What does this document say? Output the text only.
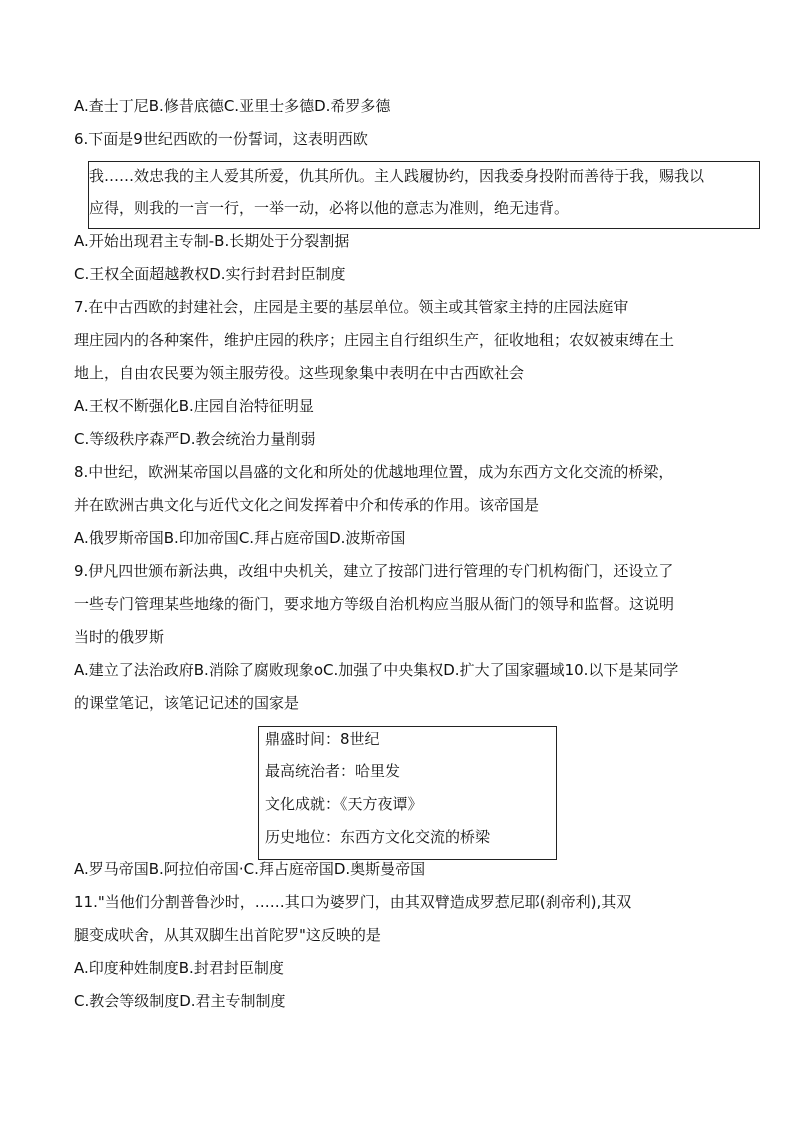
A.查士丁尼B.修昔底德C.亚里士多德D.希罗多德
6.下面是9世纪西欧的一份誓词，这表明西欧
我……效忠我的主人爱其所爱，仇其所仇。主人践履协约，因我委身投附而善待于我，赐我以
应得，则我的一言一行，一举一动，必将以他的意志为准则，绝无违背。
A.开始出现君主专制-B.长期处于分裂割据
C.王权全面超越教权D.实行封君封臣制度
7.在中古西欧的封建社会，庄园是主要的基层单位。领主或其管家主持的庄园法庭审
理庄园内的各种案件，维护庄园的秩序；庄园主自行组织生产，征收地租；农奴被束缚在土
地上，自由农民要为领主服劳役。这些现象集中表明在中古西欧社会
A.王权不断强化B.庄园自治特征明显
C.等级秩序森严D.教会统治力量削弱
8.中世纪，欧洲某帝国以昌盛的文化和所处的优越地理位置，成为东西方文化交流的桥梁，
并在欧洲古典文化与近代文化之间发挥着中介和传承的作用。该帝国是
A.俄罗斯帝国B.印加帝国C.拜占庭帝国D.波斯帝国
9.伊凡四世颁布新法典，改组中央机关，建立了按部门进行管理的专门机构衙门，还设立了
一些专门管理某些地缘的衙门，要求地方等级自治机构应当服从衙门的领导和监督。这说明
当时的俄罗斯
A.建立了法治政府B.消除了腐败现象oC.加强了中央集权D.扩大了国家疆域10.以下是某同学
的课堂笔记，该笔记记述的国家是
鼎盛时间：8世纪
最高统治者：哈里发
文化成就：《天方夜谭》
历史地位：东西方文化交流的桥梁
A.罗马帝国B.阿拉伯帝国·C.拜占庭帝国D.奥斯曼帝国
11."当他们分割普鲁沙时，……其口为婆罗门，由其双臂造成罗惹尼耶(刹帝利),其双
腿变成吠舍，从其双脚生出首陀罗"这反映的是
A.印度种姓制度B.封君封臣制度
C.教会等级制度D.君主专制制度
